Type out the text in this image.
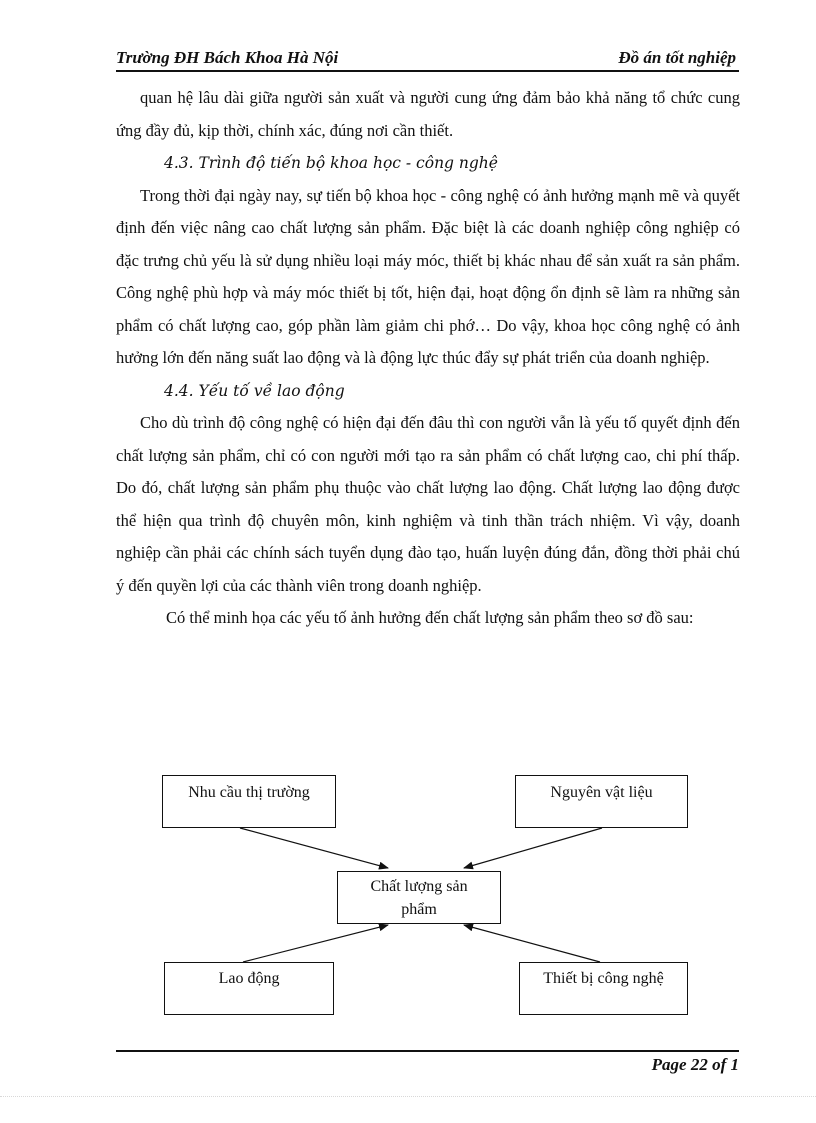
Trường ĐH Bách Khoa Hà Nội	Đồ án tốt nghiệp

quan hệ lâu dài giữa người sản xuất và người cung ứng đảm bảo khả năng tổ chức cung ứng đầy đủ, kịp thời, chính xác, đúng nơi cần thiết.

4.3. Trình độ tiến bộ khoa học - công nghệ

Trong thời đại ngày nay, sự tiến bộ khoa học - công nghệ có ảnh hưởng mạnh mẽ và quyết định đến việc nâng cao chất lượng sản phẩm. Đặc biệt là các doanh nghiệp công nghiệp có đặc trưng chủ yếu là sử dụng nhiều loại máy móc, thiết bị khác nhau để sản xuất ra sản phẩm. Công nghệ phù hợp và máy móc thiết bị tốt, hiện đại, hoạt động ổn định sẽ làm ra những sản phẩm có chất lượng cao, góp phần làm giảm chi phớ… Do vậy, khoa học công nghệ có ảnh hưởng lớn đến năng suất lao động và là động lực thúc đẩy sự phát triển của doanh nghiệp.

4.4. Yếu tố về lao động

Cho dù trình độ công nghệ có hiện đại đến đâu thì con người vẫn là yếu tố quyết định đến chất lượng sản phẩm, chỉ có con người mới tạo ra sản phẩm có chất lượng cao, chi phí thấp. Do đó, chất lượng sản phẩm phụ thuộc vào chất lượng lao động. Chất lượng lao động được thể hiện qua trình độ chuyên môn, kinh nghiệm và tinh thần trách nhiệm. Vì vậy, doanh nghiệp cần phải các chính sách tuyển dụng đào tạo, huấn luyện đúng đắn, đồng thời phải chú ý đến quyền lợi của các thành viên trong doanh nghiệp.

Có thể minh họa các yếu tố ảnh hưởng đến chất lượng sản phẩm theo sơ đồ sau:

Nhu cầu thị trường	Nguyên vật liệu
Chất lượng sản
phẩm
Lao động	Thiết bị công nghệ
Page 22 of 1
